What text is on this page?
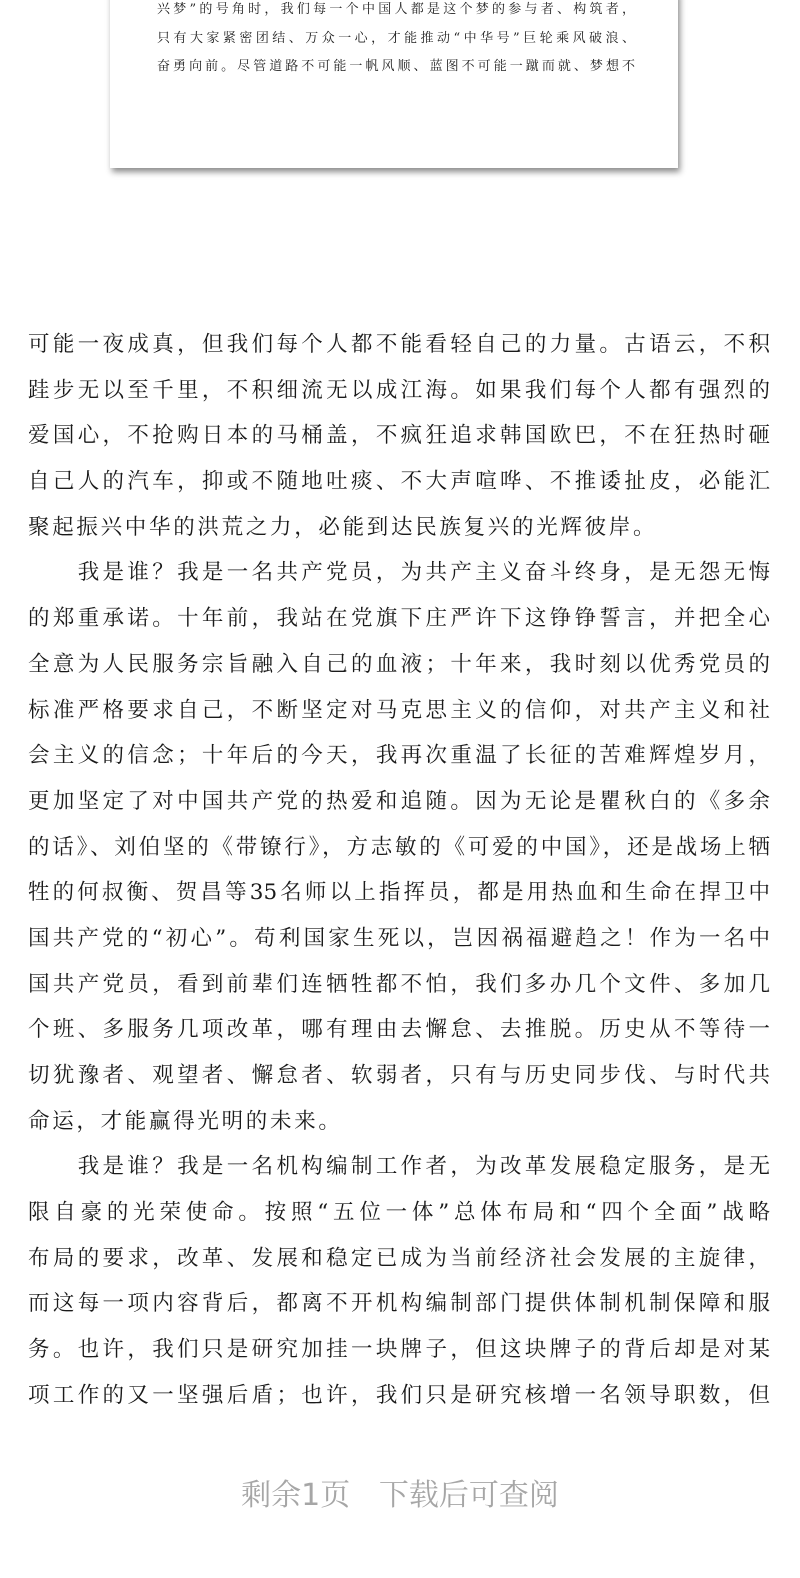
兴梦”的号角时，我们每一个中国人都是这个梦的参与者、构筑者，
只有大家紧密团结、万众一心，才能推动“中华号”巨轮乘风破浪、
奋勇向前。尽管道路不可能一帆风顺、蓝图不可能一蹴而就、梦想不
可能一夜成真，但我们每个人都不能看轻自己的力量。古语云，不积
跬步无以至千里，不积细流无以成江海。如果我们每个人都有强烈的
爱国心，不抢购日本的马桶盖，不疯狂追求韩国欧巴，不在狂热时砸
自己人的汽车，抑或不随地吐痰、不大声喧哗、不推诿扯皮，必能汇
聚起振兴中华的洪荒之力，必能到达民族复兴的光辉彼岸。
　　我是谁？我是一名共产党员，为共产主义奋斗终身，是无怨无悔
的郑重承诺。十年前，我站在党旗下庄严许下这铮铮誓言，并把全心
全意为人民服务宗旨融入自己的血液；十年来，我时刻以优秀党员的
标准严格要求自己，不断坚定对马克思主义的信仰，对共产主义和社
会主义的信念；十年后的今天，我再次重温了长征的苦难辉煌岁月，
更加坚定了对中国共产党的热爱和追随。因为无论是瞿秋白的《多余
的话》、刘伯坚的《带镣行》，方志敏的《可爱的中国》，还是战场上牺
牲的何叔衡、贺昌等35名师以上指挥员，都是用热血和生命在捍卫中
国共产党的“初心”。苟利国家生死以，岂因祸福避趋之！作为一名中
国共产党员，看到前辈们连牺牲都不怕，我们多办几个文件、多加几
个班、多服务几项改革，哪有理由去懈怠、去推脱。历史从不等待一
切犹豫者、观望者、懈怠者、软弱者，只有与历史同步伐、与时代共
命运，才能赢得光明的未来。
　　我是谁？我是一名机构编制工作者，为改革发展稳定服务，是无
限自豪的光荣使命。按照“五位一体”总体布局和“四个全面”战略
布局的要求，改革、发展和稳定已成为当前经济社会发展的主旋律，
而这每一项内容背后，都离不开机构编制部门提供体制机制保障和服
务。也许，我们只是研究加挂一块牌子，但这块牌子的背后却是对某
项工作的又一坚强后盾；也许，我们只是研究核增一名领导职数，但
剩余1页   下载后可查阅
